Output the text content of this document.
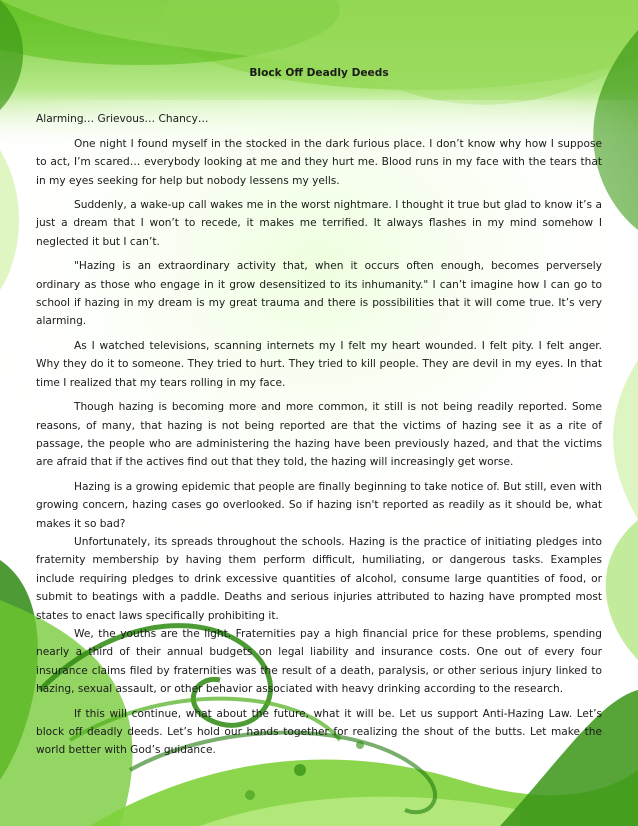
Block Off Deadly Deeds

Alarming… Grievous… Chancy…

One night I found myself in the stocked in the dark furious place. I don’t know why how I suppose to act, I’m scared… everybody looking at me and they hurt me. Blood runs in my face with the tears that in my eyes seeking for help but nobody lessens my yells.

Suddenly, a wake-up call wakes me in the worst nightmare. I thought it true but glad to know it’s a just a dream that I won’t to recede, it makes me terrified. It always flashes in my mind somehow I neglected it but I can’t.

"Hazing is an extraordinary activity that, when it occurs often enough, becomes perversely ordinary as those who engage in it grow desensitized to its inhumanity." I can’t imagine how I can go to school if hazing in my dream is my great trauma and there is possibilities that it will come true. It’s very alarming.

As I watched televisions, scanning internets my I felt my heart wounded. I felt pity. I felt anger. Why they do it to someone. They tried to hurt. They tried to kill people. They are devil in my eyes. In that time I realized that my tears rolling in my face.

Though hazing is becoming more and more common, it still is not being readily reported. Some reasons, of many, that hazing is not being reported are that the victims of hazing see it as a rite of passage, the people who are administering the hazing have been previously hazed, and that the victims are afraid that if the actives find out that they told, the hazing will increasingly get worse.

Hazing is a growing epidemic that people are finally beginning to take notice of. But still, even with growing concern, hazing cases go overlooked. So if hazing isn't reported as readily as it should be, what makes it so bad?

Unfortunately, its spreads throughout the schools. Hazing is the practice of initiating pledges into fraternity membership by having them perform difficult, humiliating, or dangerous tasks. Examples include requiring pledges to drink excessive quantities of alcohol, consume large quantities of food, or submit to beatings with a paddle. Deaths and serious injuries attributed to hazing have prompted most states to enact laws specifically prohibiting it.

We, the youths are the light. Fraternities pay a high financial price for these problems, spending nearly a third of their annual budgets on legal liability and insurance costs. One out of every four insurance claims filed by fraternities was the result of a death, paralysis, or other serious injury linked to hazing, sexual assault, or other behavior associated with heavy drinking according to the research.

If this will continue, what about the future, what it will be. Let us support Anti-Hazing Law. Let’s block off deadly deeds. Let’s hold our hands together for realizing the shout of the butts. Let make the world better with God’s guidance.
